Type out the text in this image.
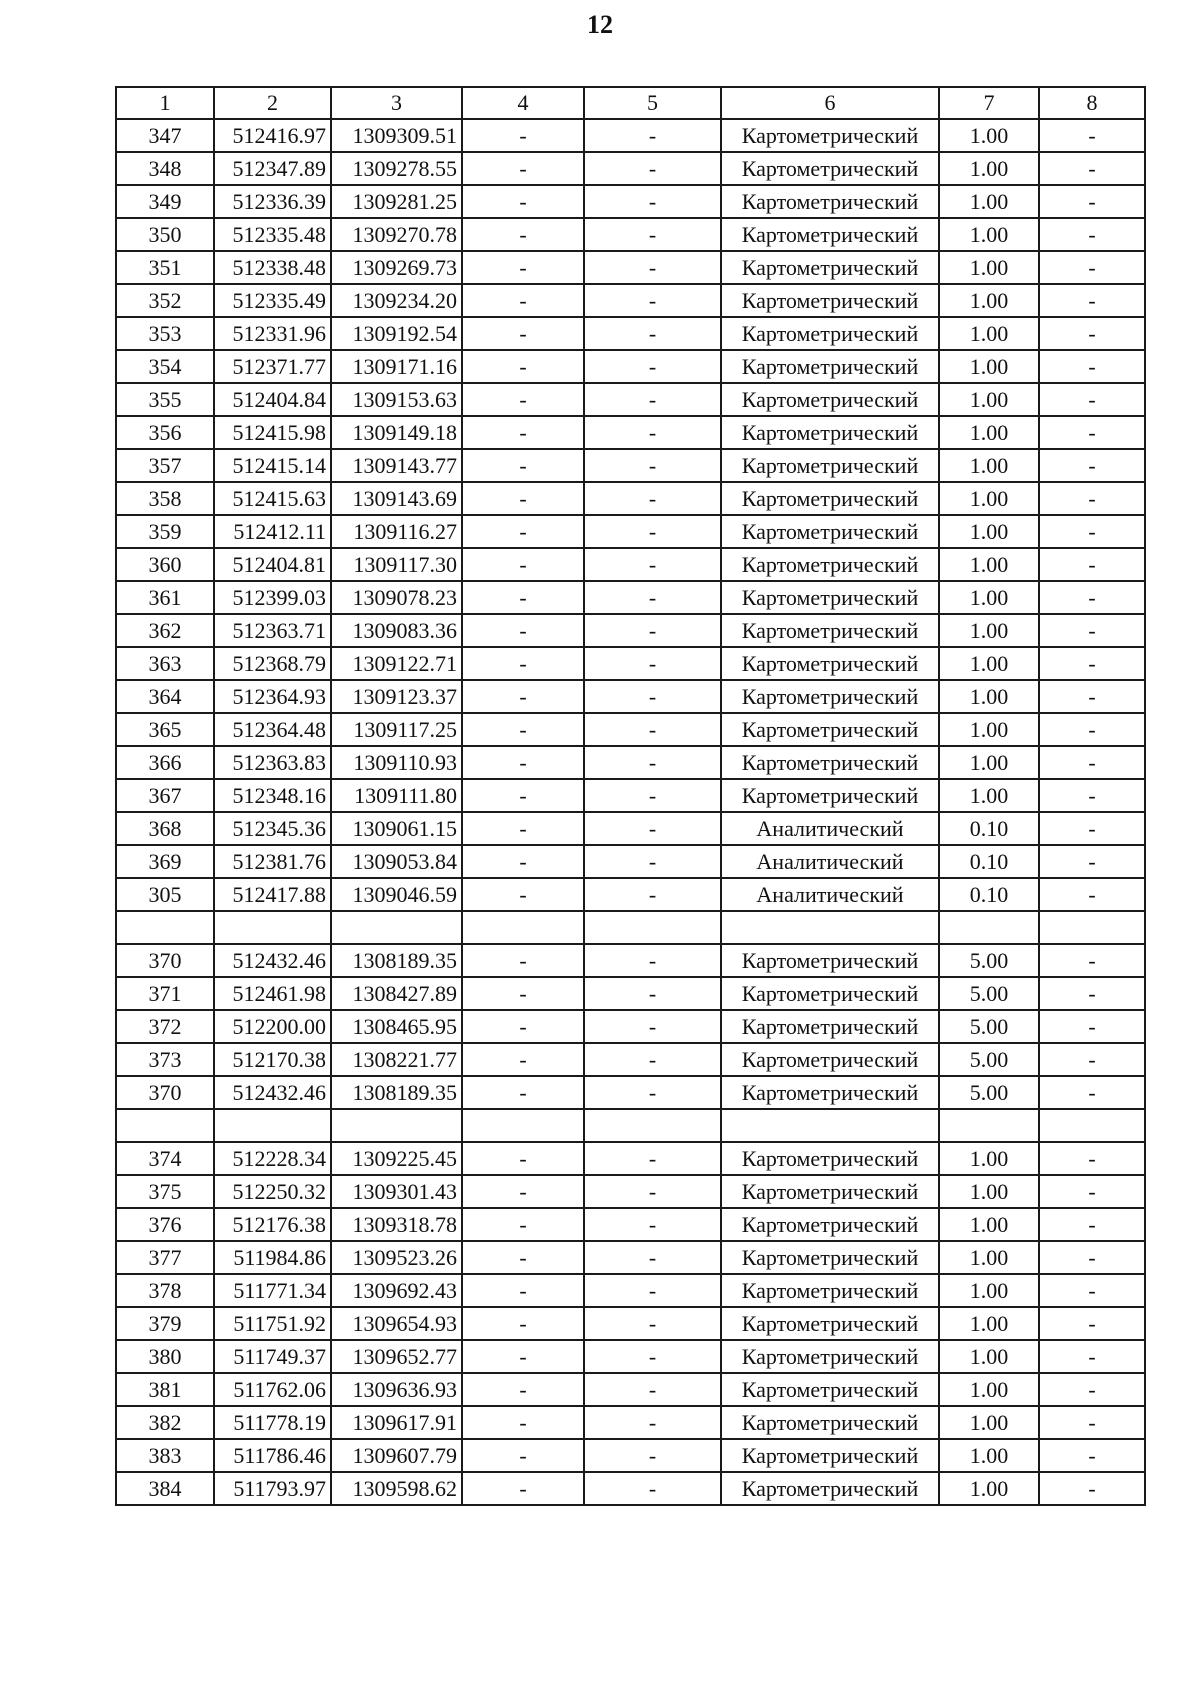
12
1	2	3	4	5	6	7	8
347	512416.97	1309309.51	-	-	Картометрический	1.00	-
348	512347.89	1309278.55	-	-	Картометрический	1.00	-
349	512336.39	1309281.25	-	-	Картометрический	1.00	-
350	512335.48	1309270.78	-	-	Картометрический	1.00	-
351	512338.48	1309269.73	-	-	Картометрический	1.00	-
352	512335.49	1309234.20	-	-	Картометрический	1.00	-
353	512331.96	1309192.54	-	-	Картометрический	1.00	-
354	512371.77	1309171.16	-	-	Картометрический	1.00	-
355	512404.84	1309153.63	-	-	Картометрический	1.00	-
356	512415.98	1309149.18	-	-	Картометрический	1.00	-
357	512415.14	1309143.77	-	-	Картометрический	1.00	-
358	512415.63	1309143.69	-	-	Картометрический	1.00	-
359	512412.11	1309116.27	-	-	Картометрический	1.00	-
360	512404.81	1309117.30	-	-	Картометрический	1.00	-
361	512399.03	1309078.23	-	-	Картометрический	1.00	-
362	512363.71	1309083.36	-	-	Картометрический	1.00	-
363	512368.79	1309122.71	-	-	Картометрический	1.00	-
364	512364.93	1309123.37	-	-	Картометрический	1.00	-
365	512364.48	1309117.25	-	-	Картометрический	1.00	-
366	512363.83	1309110.93	-	-	Картометрический	1.00	-
367	512348.16	1309111.80	-	-	Картометрический	1.00	-
368	512345.36	1309061.15	-	-	Аналитический	0.10	-
369	512381.76	1309053.84	-	-	Аналитический	0.10	-
305	512417.88	1309046.59	-	-	Аналитический	0.10	-

370	512432.46	1308189.35	-	-	Картометрический	5.00	-
371	512461.98	1308427.89	-	-	Картометрический	5.00	-
372	512200.00	1308465.95	-	-	Картометрический	5.00	-
373	512170.38	1308221.77	-	-	Картометрический	5.00	-
370	512432.46	1308189.35	-	-	Картометрический	5.00	-

374	512228.34	1309225.45	-	-	Картометрический	1.00	-
375	512250.32	1309301.43	-	-	Картометрический	1.00	-
376	512176.38	1309318.78	-	-	Картометрический	1.00	-
377	511984.86	1309523.26	-	-	Картометрический	1.00	-
378	511771.34	1309692.43	-	-	Картометрический	1.00	-
379	511751.92	1309654.93	-	-	Картометрический	1.00	-
380	511749.37	1309652.77	-	-	Картометрический	1.00	-
381	511762.06	1309636.93	-	-	Картометрический	1.00	-
382	511778.19	1309617.91	-	-	Картометрический	1.00	-
383	511786.46	1309607.79	-	-	Картометрический	1.00	-
384	511793.97	1309598.62	-	-	Картометрический	1.00	-
